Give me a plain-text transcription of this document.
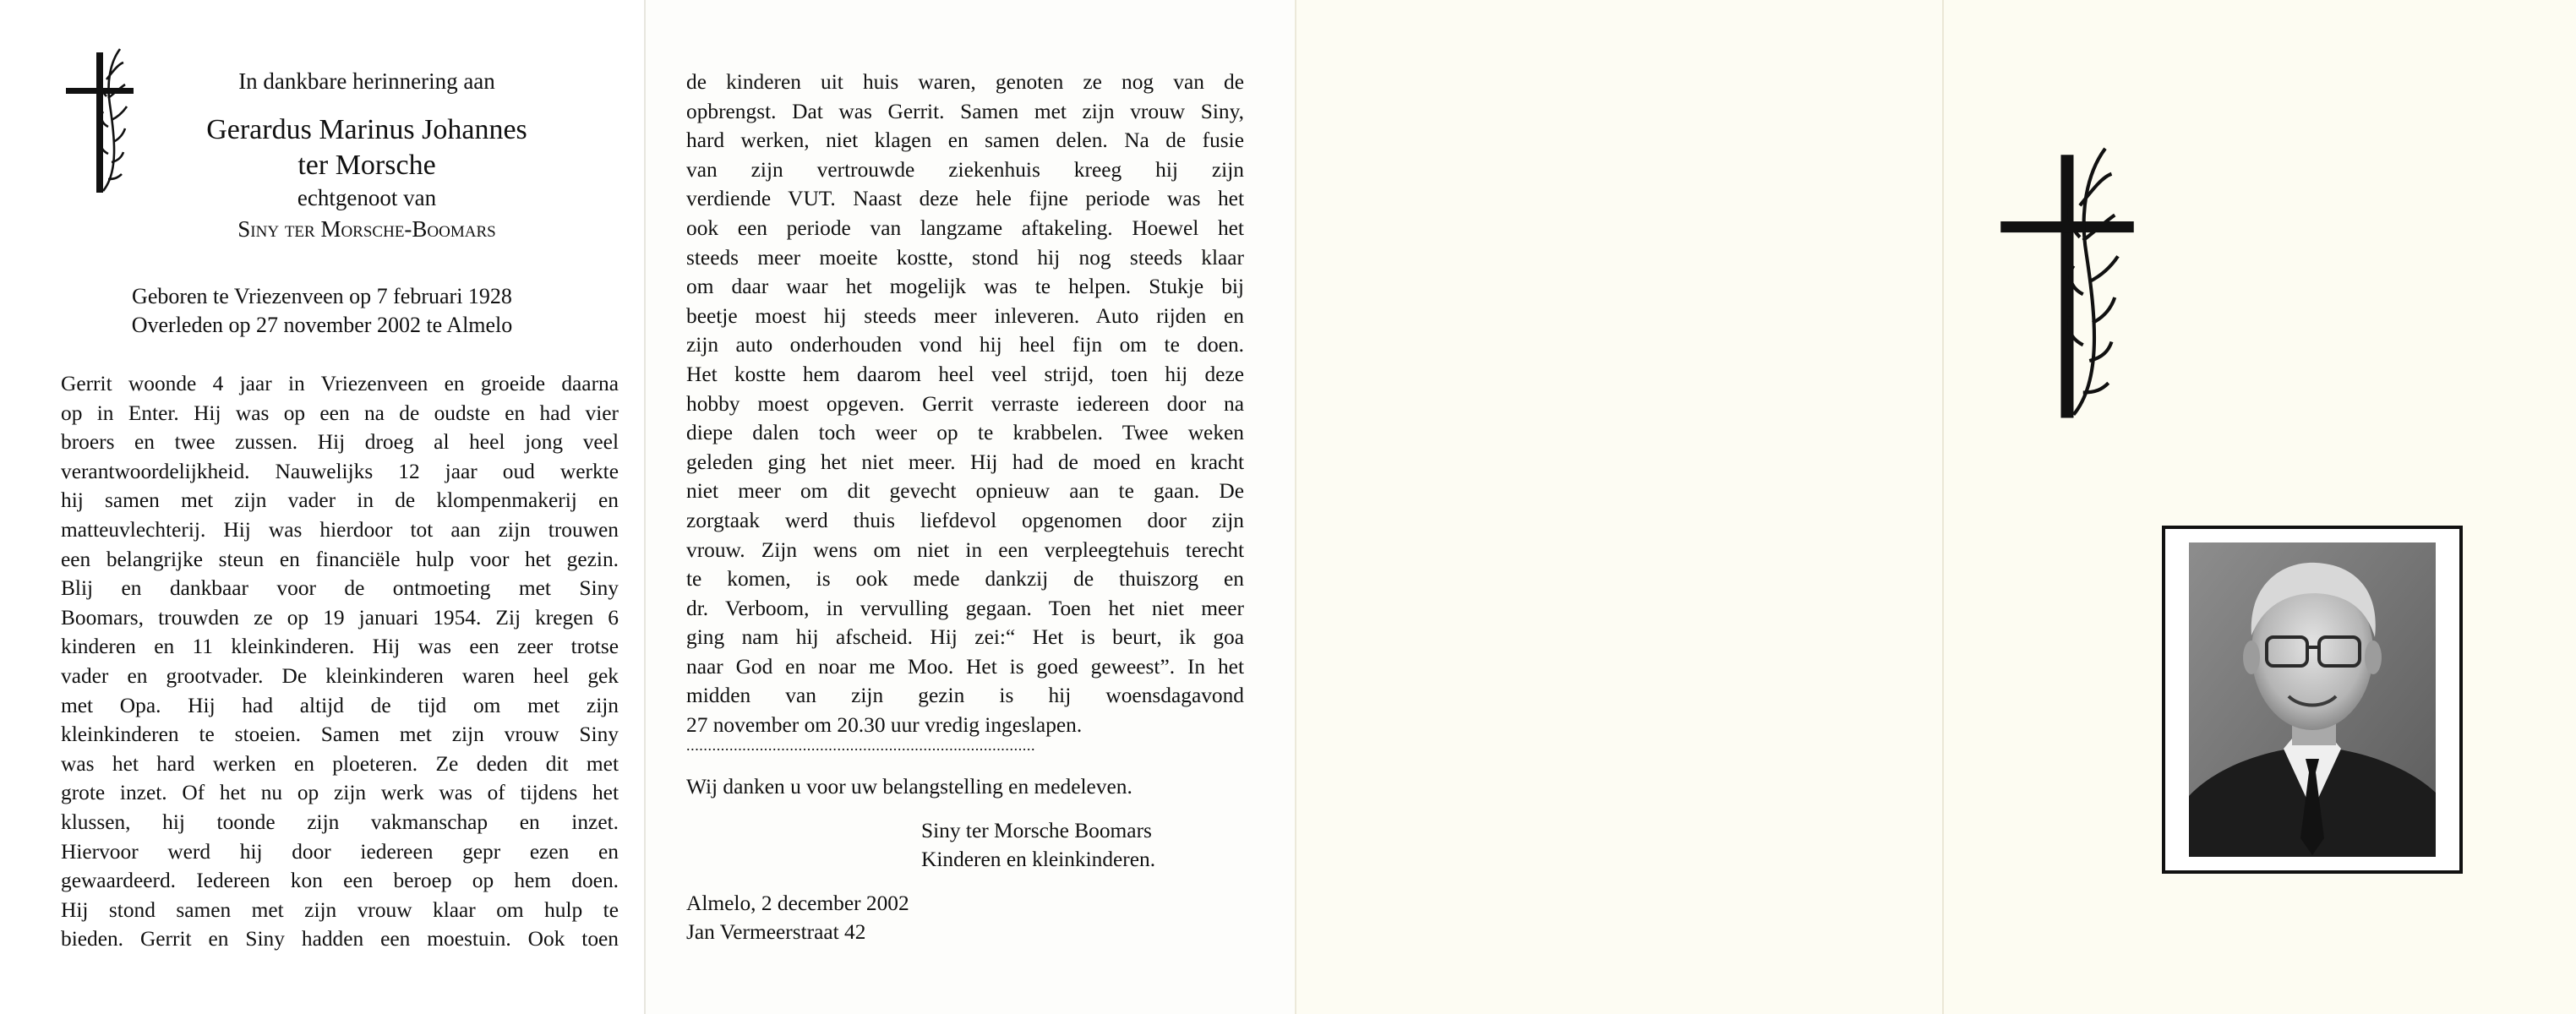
In dankbare herinnering aan
Gerardus Marinus Johannes
ter Morsche
echtgenoot van
Siny ter Morsche-Boomars
Geboren te Vriezenveen op 7 februari 1928
Overleden op 27 november 2002 te Almelo
Gerrit woonde 4 jaar in Vriezenveen en groeide daarna
op in Enter. Hij was op een na de oudste en had vier
broers en twee zussen. Hij droeg al heel jong veel
verantwoordelijkheid. Nauwelijks 12 jaar oud werkte
hij samen met zijn vader in de klompenmakerij en
matteuvlechterij. Hij was hierdoor tot aan zijn trouwen
een belangrijke steun en financiële hulp voor het gezin.
Blij en dankbaar voor de ontmoeting met Siny
Boomars, trouwden ze op 19 januari 1954. Zij kregen 6
kinderen en 11 kleinkinderen. Hij was een zeer trotse
vader en grootvader. De kleinkinderen waren heel gek
met Opa. Hij had altijd de tijd om met zijn
kleinkinderen te stoeien. Samen met zijn vrouw Siny
was het hard werken en ploeteren. Ze deden dit met
grote inzet. Of het nu op zijn werk was of tijdens het
klussen, hij toonde zijn vakmanschap en inzet.
Hiervoor werd hij door iedereen gepr ezen en
gewaardeerd. Iedereen kon een beroep op hem doen.
Hij stond samen met zijn vrouw klaar om hulp te
bieden. Gerrit en Siny hadden een moestuin. Ook toen
de kinderen uit huis waren, genoten ze nog van de
opbrengst. Dat was Gerrit. Samen met zijn vrouw Siny,
hard werken, niet klagen en samen delen. Na de fusie
van zijn vertrouwde ziekenhuis kreeg hij zijn
verdiende VUT. Naast deze hele fijne periode was het
ook een periode van langzame aftakeling. Hoewel het
steeds meer moeite kostte, stond hij nog steeds klaar
om daar waar het mogelijk was te helpen. Stukje bij
beetje moest hij steeds meer inleveren. Auto rijden en
zijn auto onderhouden vond hij heel fijn om te doen.
Het kostte hem daarom heel veel strijd, toen hij deze
hobby moest opgeven. Gerrit verraste iedereen door na
diepe dalen toch weer op te krabbelen. Twee weken
geleden ging het niet meer. Hij had de moed en kracht
niet meer om dit gevecht opnieuw aan te gaan. De
zorgtaak werd thuis liefdevol opgenomen door zijn
vrouw. Zijn wens om niet in een verpleegtehuis terecht
te komen, is ook mede dankzij de thuiszorg en
dr. Verboom, in vervulling gegaan. Toen het niet meer
ging nam hij afscheid. Hij zei:“ Het is beurt, ik goa
naar God en noar me Moo. Het is goed geweest”. In het
midden van zijn gezin is hij woensdagavond
27 november om 20.30 uur vredig ingeslapen.
.................................................................................
Wij danken u voor uw belangstelling en medeleven.
Siny ter Morsche Boomars
Kinderen en kleinkinderen.
Almelo, 2 december 2002
Jan Vermeerstraat 42
